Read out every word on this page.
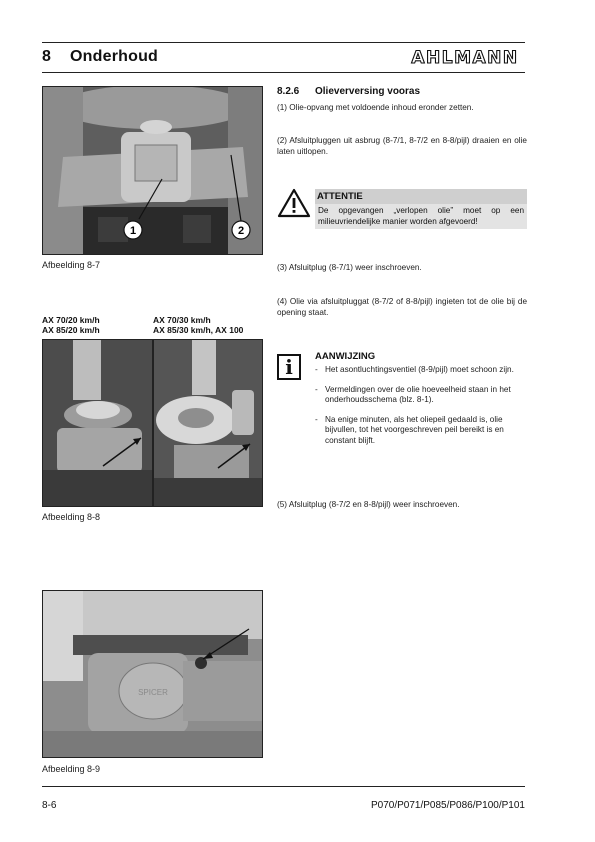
8 Onderhoud	AHLMANN
1	2
Afbeelding 8-7
AX 70/20 km/h
AX 85/20 km/h
AX 70/30 km/h
AX 85/30 km/h, AX 100
Afbeelding 8-8
SPICER
Afbeelding 8-9
8.2.6 Olieverversing vooras
(1) Olie-opvang met voldoende inhoud eronder zetten.
(2) Afsluitpluggen uit asbrug (8-7/1, 8-7/2 en 8-8/pijl) draaien en olie laten uitlopen.
ATTENTIE
De opgevangen „verlopen olie” moet op een milieuvriendelijke manier worden afgevoerd!
(3) Afsluitplug (8-7/1) weer inschroeven.
(4) Olie via afsluitpluggat (8-7/2 of 8-8/pijl) ingieten tot de olie bij de opening staat.
i	AANWIJZING
- Het asontluchtingsventiel (8-9/pijl) moet schoon zijn.
- Vermeldingen over de olie hoeveelheid staan in het onderhoudsschema (blz. 8-1).
- Na enige minuten, als het oliepeil gedaald is, olie bijvullen, tot het voorgeschreven peil bereikt is en constant blijft.
(5) Afsluitplug (8-7/2 en 8-8/pijl) weer inschroeven.
8-6	P070/P071/P085/P086/P100/P101
